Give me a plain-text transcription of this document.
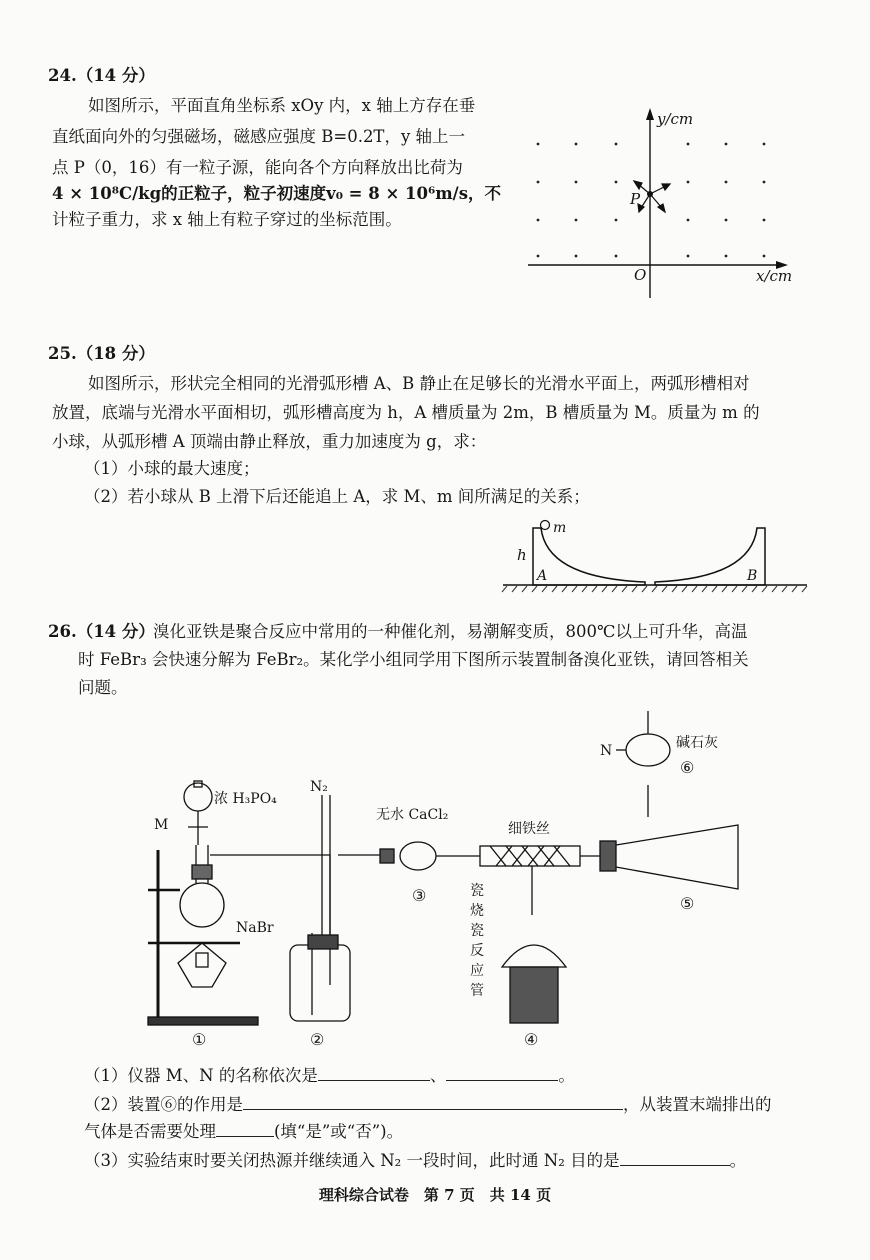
24.（14 分）
如图所示，平面直角坐标系 xOy 内，x 轴上方存在垂
直纸面向外的匀强磁场，磁感应强度 B=0.2T，y 轴上一
点 P（0，16）有一粒子源，能向各个方向释放出比荷为
4 × 10⁸C/kg的正粒子，粒子初速度v₀ = 8 × 10⁶m/s，不
计粒子重力，求 x 轴上有粒子穿过的坐标范围。
y/cm
x/cm
O
P
25.（18 分）
如图所示，形状完全相同的光滑弧形槽 A、B 静止在足够长的光滑水平面上，两弧形槽相对
放置，底端与光滑水平面相切，弧形槽高度为 h，A 槽质量为 2m，B 槽质量为 M。质量为 m 的
小球，从弧形槽 A 顶端由静止释放，重力加速度为 g，求：
（1）小球的最大速度；
（2）若小球从 B 上滑下后还能追上 A，求 M、m 间所满足的关系；
m
h
A	B
26.（14 分）
溴化亚铁是聚合反应中常用的一种催化剂，易潮解变质，800℃以上可升华，高温
时 FeBr₃ 会快速分解为 FeBr₂。某化学小组同学用下图所示装置制备溴化亚铁，请回答相关
问题。
M
浓 H₃PO₄
NaBr
N₂
无水 CaCl₂
细铁丝
瓷
烧
瓷
反
应
管
碱石灰
N
①	②
③
④
⑤
⑥
（1）仪器 M、N 的名称依次是	、	。
（2）装置⑥的作用是	，从装置末端排出的
气体是否需要处理	(填“是”或“否”)。
（3）实验结束时要关闭热源并继续通入 N₂ 一段时间，此时通 N₂ 目的是	。
理科综合试卷　第 7 页　共 14 页
